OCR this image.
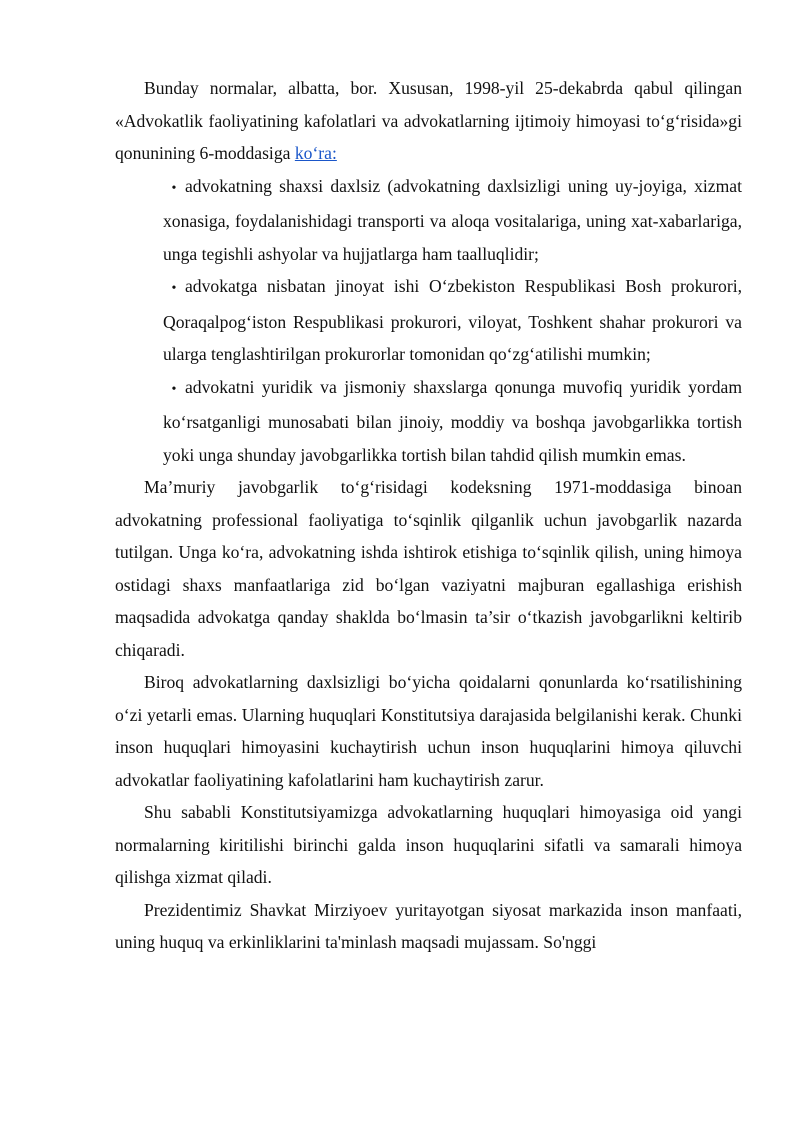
Bunday normalar, albatta, bor. Xususan, 1998-yil 25-dekabrda qabul qilingan «Advokatlik faoliyatining kafolatlari va advokatlarning ijtimoiy himoyasi to‘g‘risida»gi qonunining 6-moddasiga ko‘ra:

•advokatning shaxsi daxlsiz (advokatning daxlsizligi uning uy-joyiga, xizmat xonasiga, foydalanishidagi transporti va aloqa vositalariga, uning xat-xabarlariga, unga tegishli ashyolar va hujjatlarga ham taalluqlidir;
•advokatga nisbatan jinoyat ishi O‘zbekiston Respublikasi Bosh prokurori, Qoraqalpog‘iston Respublikasi prokurori, viloyat, Toshkent shahar prokurori va ularga tenglashtirilgan prokurorlar tomonidan qo‘zg‘atilishi mumkin;
•advokatni yuridik va jismoniy shaxslarga qonunga muvofiq yuridik yordam ko‘rsatganligi munosabati bilan jinoiy, moddiy va boshqa javobgarlikka tortish yoki unga shunday javobgarlikka tortish bilan tahdid qilish mumkin emas.

Ma’muriy javobgarlik to‘g‘risidagi kodeksning 1971-moddasiga binoan advokatning professional faoliyatiga to‘sqinlik qilganlik uchun javobgarlik nazarda tutilgan. Unga ko‘ra, advokatning ishda ishtirok etishiga to‘sqinlik qilish, uning himoya ostidagi shaxs manfaatlariga zid bo‘lgan vaziyatni majburan egallashiga erishish maqsadida advokatga qanday shaklda bo‘lmasin ta’sir o‘tkazish javobgarlikni keltirib chiqaradi.

Biroq advokatlarning daxlsizligi bo‘yicha qoidalarni qonunlarda ko‘rsatilishining o‘zi yetarli emas. Ularning huquqlari Konstitutsiya darajasida belgilanishi kerak. Chunki inson huquqlari himoyasini kuchaytirish uchun inson huquqlarini himoya qiluvchi advokatlar faoliyatining kafolatlarini ham kuchaytirish zarur.

Shu sababli Konstitutsiyamizga advokatlarning huquqlari himoyasiga oid yangi normalarning kiritilishi birinchi galda inson huquqlarini sifatli va samarali himoya qilishga xizmat qiladi.

Prezidentimiz Shavkat Mirziyoev yuritayotgan siyosat markazida inson manfaati, uning huquq va erkinliklarini ta'minlash maqsadi mujassam. So'nggi
